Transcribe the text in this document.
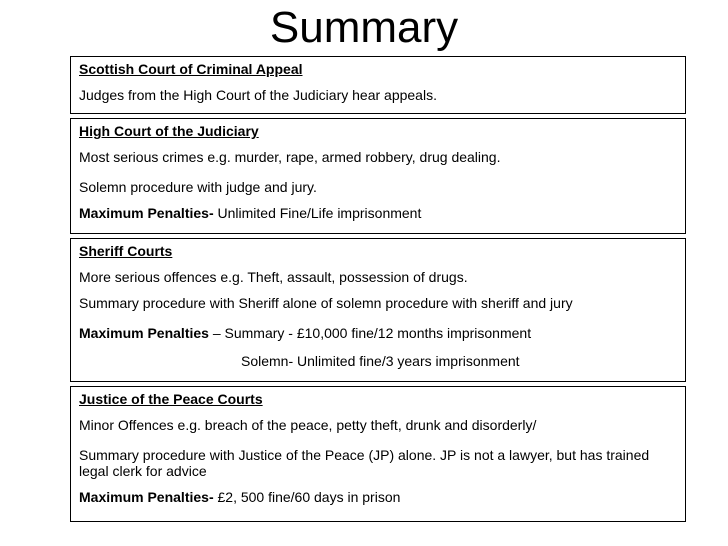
Summary

Scottish Court of Criminal Appeal

Judges from the High Court of the Judiciary hear appeals.

High Court of the Judiciary

Most serious crimes e.g. murder, rape, armed robbery, drug dealing.

Solemn procedure with judge and jury.

Maximum Penalties- Unlimited Fine/Life imprisonment

Sheriff Courts

More serious offences e.g. Theft, assault, possession of drugs.

Summary procedure with Sheriff alone of solemn procedure with sheriff and jury

Maximum Penalties – Summary - £10,000 fine/12 months imprisonment

Solemn- Unlimited fine/3 years imprisonment

Justice of the Peace Courts

Minor Offences e.g. breach of the peace, petty theft, drunk and disorderly/

Summary procedure with Justice of the Peace (JP) alone. JP is not a lawyer, but has trained legal clerk for advice

Maximum Penalties- £2, 500 fine/60 days in prison
